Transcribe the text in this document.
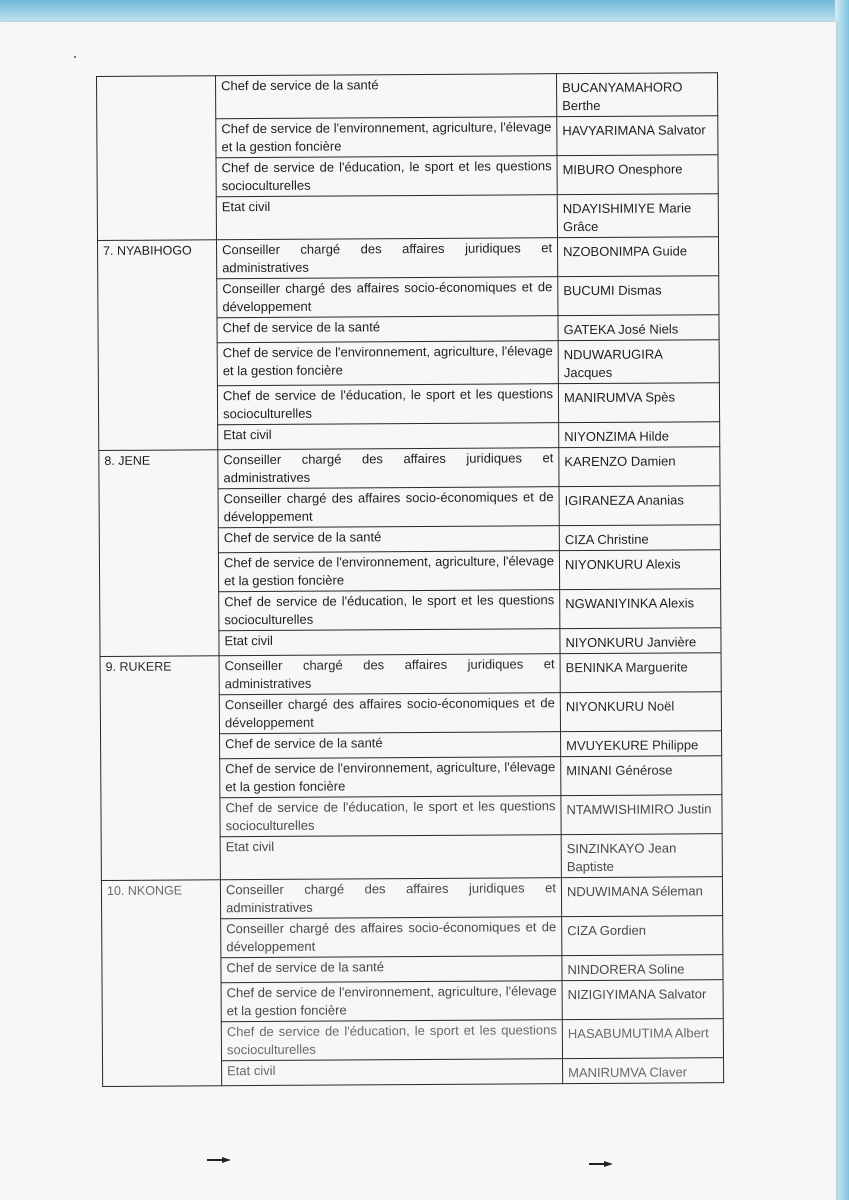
	Chef de service de la santé	BUCANYAMAHORO Berthe

	Chef de service de l'environnement, agriculture, l'élevage et la gestion foncière	HAVYARIMANA Salvator

	Chef de service de l'éducation, le sport et les questions socioculturelles	MIBURO Onesphore

	Etat civil	NDAYISHIMIYE Marie Grâce

7. NYABIHOGO	Conseiller chargé des affaires juridiques et administratives	NZOBONIMPA Guide

	Conseiller chargé des affaires socio-économiques et de développement	BUCUMI Dismas

	Chef de service de la santé	GATEKA José Niels

	Chef de service de l'environnement, agriculture, l'élevage et la gestion foncière	NDUWARUGIRA Jacques

	Chef de service de l'éducation, le sport et les questions socioculturelles	MANIRUMVA Spès

	Etat civil	NIYONZIMA Hilde

8. JENE	Conseiller chargé des affaires juridiques et administratives	KARENZO Damien

	Conseiller chargé des affaires socio-économiques et de développement	IGIRANEZA Ananias

	Chef de service de la santé	CIZA Christine

	Chef de service de l'environnement, agriculture, l'élevage et la gestion foncière	NIYONKURU Alexis

	Chef de service de l'éducation, le sport et les questions socioculturelles	NGWANIYINKA Alexis

	Etat civil	NIYONKURU Janvière

9. RUKERE	Conseiller chargé des affaires juridiques et administratives	BENINKA Marguerite

	Conseiller chargé des affaires socio-économiques et de développement	NIYONKURU Noël

	Chef de service de la santé	MVUYEKURE Philippe

	Chef de service de l'environnement, agriculture, l'élevage et la gestion foncière	MINANI Générose

	Chef de service de l'éducation, le sport et les questions socioculturelles	NTAMWISHIMIRO Justin

	Etat civil	SINZINKAYO Jean Baptiste

10. NKONGE	Conseiller chargé des affaires juridiques et administratives	NDUWIMANA Séleman

	Conseiller chargé des affaires socio-économiques et de développement	CIZA Gordien

	Chef de service de la santé	NINDORERA Soline

	Chef de service de l'environnement, agriculture, l'élevage et la gestion foncière	NIZIGIYIMANA Salvator

	Chef de service de l'éducation, le sport et les questions socioculturelles	HASABUMUTIMA Albert

	Etat civil	MANIRUMVA Claver
